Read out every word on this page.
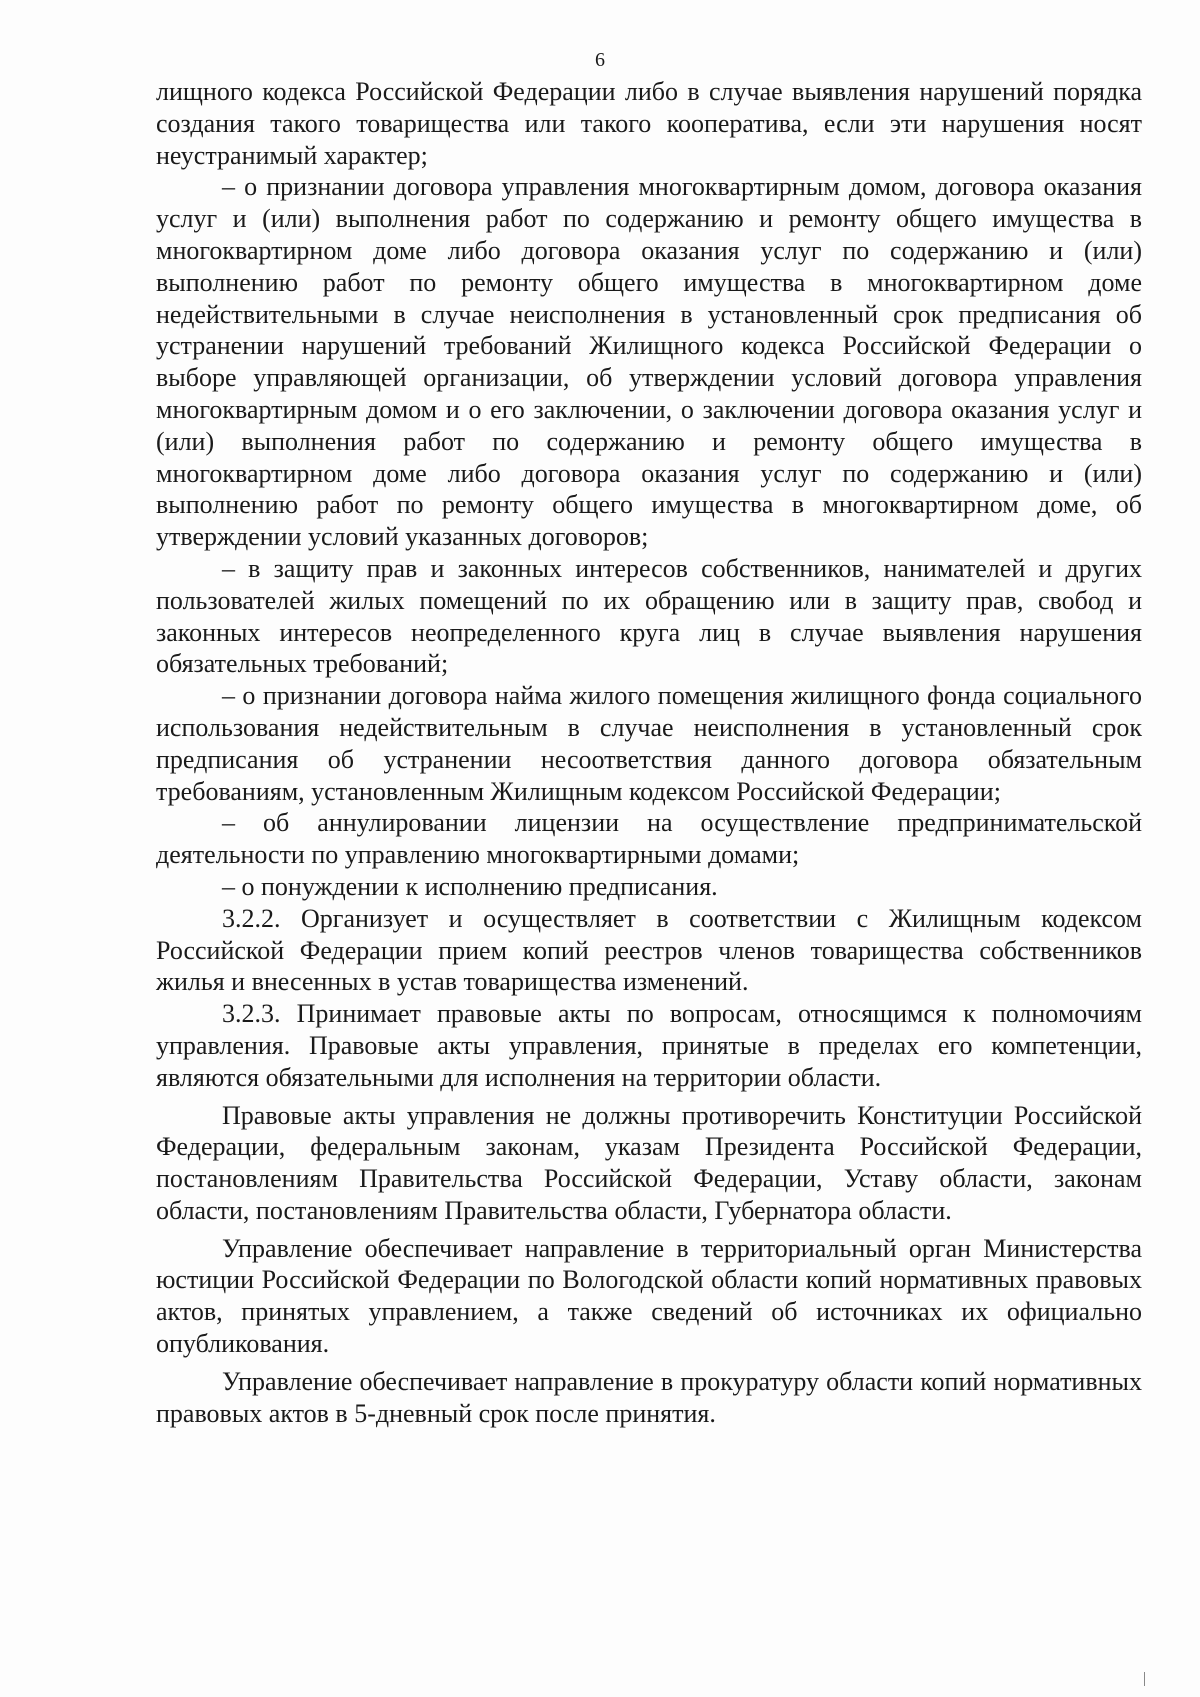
6

лищного кодекса Российской Федерации либо в случае выявления нарушений порядка создания такого товарищества или такого кооператива, если эти нарушения носят неустранимый характер;

– о признании договора управления многоквартирным домом, договора оказания услуг и (или) выполнения работ по содержанию и ремонту общего имущества в многоквартирном доме либо договора оказания услуг по содержанию и (или) выполнению работ по ремонту общего имущества в многоквартирном доме недействительными в случае неисполнения в установленный срок предписания об устранении нарушений требований Жилищного кодекса Российской Федерации о выборе управляющей организации, об утверждении условий договора управления многоквартирным домом и о его заключении, о заключении договора оказания услуг и (или) выполнения работ по содержанию и ремонту общего имущества в многоквартирном доме либо договора оказания услуг по содержанию и (или) выполнению работ по ремонту общего имущества в многоквартирном доме, об утверждении условий указанных договоров;

– в защиту прав и законных интересов собственников, нанимателей и других пользователей жилых помещений по их обращению или в защиту прав, свобод и законных интересов неопределенного круга лиц в случае выявления нарушения обязательных требований;

– о признании договора найма жилого помещения жилищного фонда социального использования недействительным в случае неисполнения в установленный срок предписания об устранении несоответствия данного договора обязательным требованиям, установленным Жилищным кодексом Российской Федерации;

– об аннулировании лицензии на осуществление предпринимательской деятельности по управлению многоквартирными домами;

– о понуждении к исполнению предписания.

3.2.2. Организует и осуществляет в соответствии с Жилищным кодексом Российской Федерации прием копий реестров членов товарищества собственников жилья и внесенных в устав товарищества изменений.

3.2.3. Принимает правовые акты по вопросам, относящимся к полномочиям управления. Правовые акты управления, принятые в пределах его компетенции, являются обязательными для исполнения на территории области.

Правовые акты управления не должны противоречить Конституции Российской Федерации, федеральным законам, указам Президента Российской Федерации, постановлениям Правительства Российской Федерации, Уставу области, законам области, постановлениям Правительства области, Губернатора области.

Управление обеспечивает направление в территориальный орган Министерства юстиции Российской Федерации по Вологодской области копий нормативных правовых актов, принятых управлением, а также сведений об источниках их официально опубликования.

Управление обеспечивает направление в прокуратуру области копий нормативных правовых актов в 5-дневный срок после принятия.
